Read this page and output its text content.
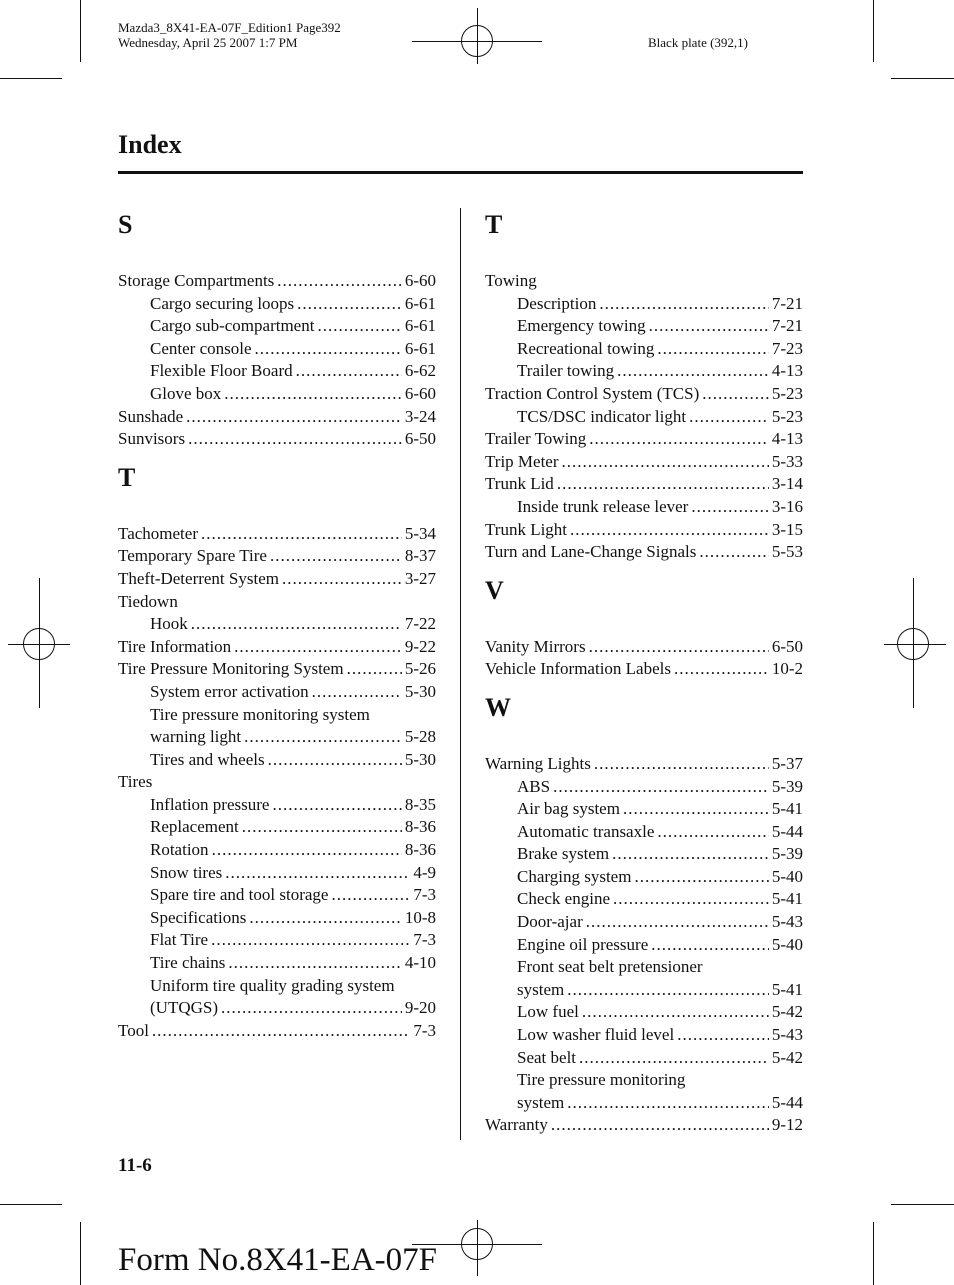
Mazda3_8X41-EA-07F_Edition1 Page392
Wednesday, April 25 2007 1:7 PM	Black plate (392,1)
Index
S
Storage Compartments .....	6-60
Cargo securing loops .....	6-61
Cargo sub-compartment .....	6-61
Center console .....	6-61
Flexible Floor Board .....	6-62
Glove box .....	6-60
Sunshade .....	3-24
Sunvisors .....	6-50
T
Tachometer .....	5-34
Temporary Spare Tire .....	8-37
Theft-Deterrent System .....	3-27
Tiedown
Hook .....	7-22
Tire Information .....	9-22
Tire Pressure Monitoring System .....	5-26
System error activation .....	5-30
Tire pressure monitoring system
warning light .....	5-28
Tires and wheels .....	5-30
Tires
Inflation pressure .....	8-35
Replacement .....	8-36
Rotation .....	8-36
Snow tires .....	4-9
Spare tire and tool storage .....	7-3
Specifications .....	10-8
Flat Tire .....	7-3
Tire chains .....	4-10
Uniform tire quality grading system
(UTQGS) .....	9-20
Tool .....	7-3
T
Towing
Description .....	7-21
Emergency towing .....	7-21
Recreational towing .....	7-23
Trailer towing .....	4-13
Traction Control System (TCS) .....	5-23
TCS/DSC indicator light .....	5-23
Trailer Towing .....	4-13
Trip Meter .....	5-33
Trunk Lid .....	3-14
Inside trunk release lever .....	3-16
Trunk Light .....	3-15
Turn and Lane-Change Signals .....	5-53
V
Vanity Mirrors .....	6-50
Vehicle Information Labels .....	10-2
W
Warning Lights .....	5-37
ABS .....	5-39
Air bag system .....	5-41
Automatic transaxle .....	5-44
Brake system .....	5-39
Charging system .....	5-40
Check engine .....	5-41
Door-ajar .....	5-43
Engine oil pressure .....	5-40
Front seat belt pretensioner
system .....	5-41
Low fuel .....	5-42
Low washer fluid level .....	5-43
Seat belt .....	5-42
Tire pressure monitoring
system .....	5-44
Warranty .....	9-12
11-6
Form No.8X41-EA-07F
